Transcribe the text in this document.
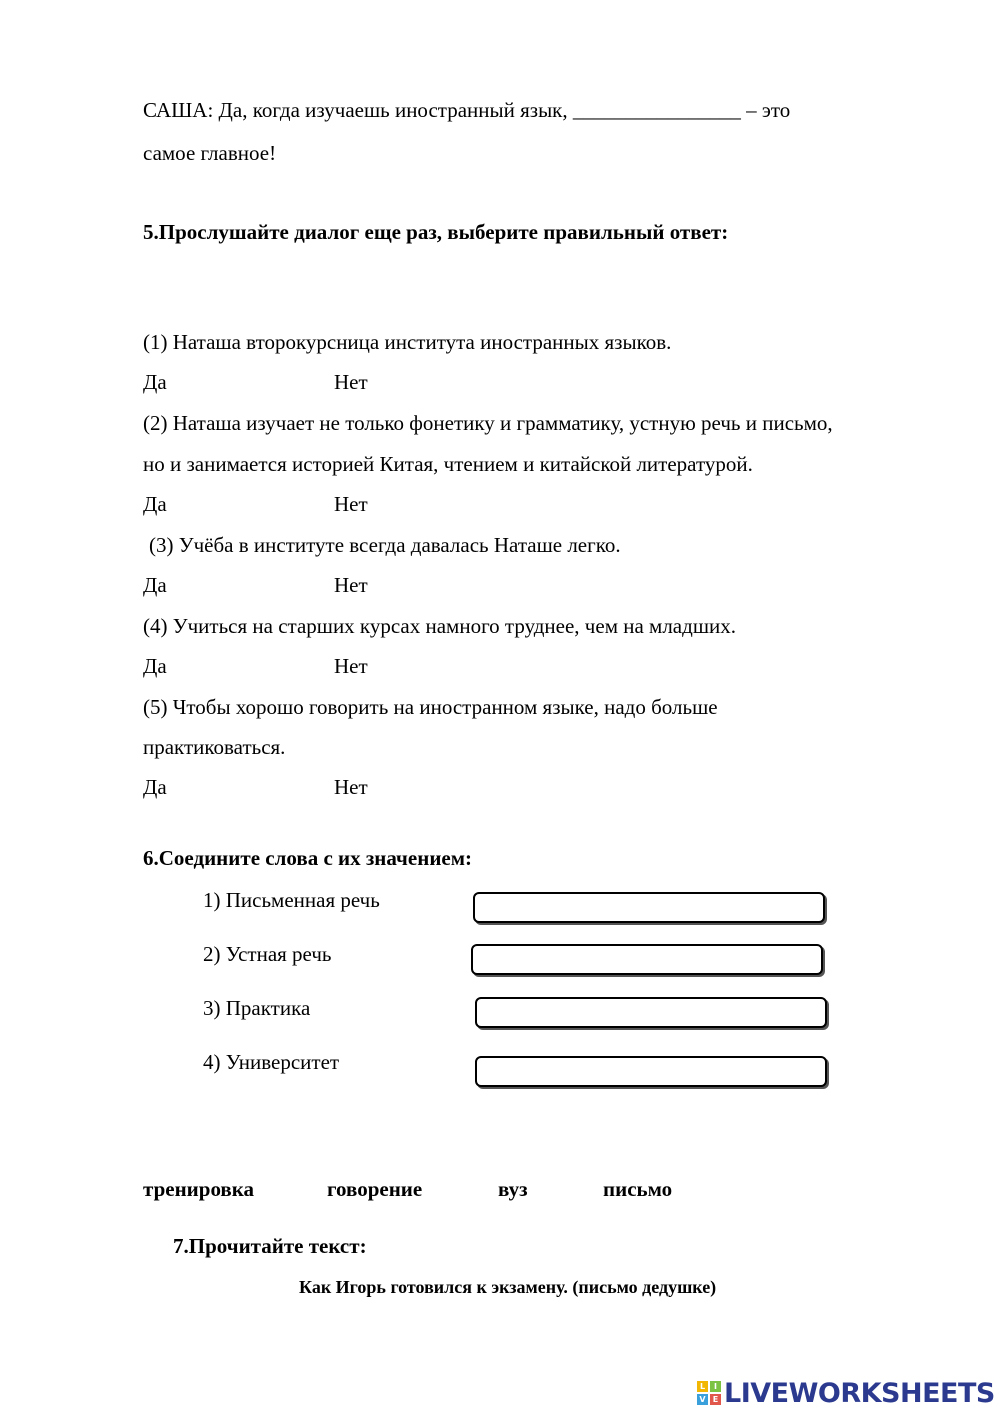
САША: Да, когда изучаешь иностранный язык, ________________ – это
самое главное!
5.Прослушайте диалог еще раз, выберите правильный ответ:
(1) Наташа второкурсница института иностранных языков.
Да	Нет
(2) Наташа изучает не только фонетику и грамматику, устную речь и письмо,
но и занимается историей Китая, чтением и китайской литературой.
Да	Нет
(3) Учёба в институте всегда давалась Наташе легко.
Да	Нет
(4) Учиться на старших курсах намного труднее, чем на младших.
Да	Нет
(5) Чтобы хорошо говорить на иностранном языке, надо больше
практиковаться.
Да	Нет
6.Соедините слова с их значением:
1) Письменная речь
2) Устная речь
3) Практика
4) Университет
тренировка	говорение	вуз	письмо
7.Прочитайте текст:
Как Игорь готовился к экзамену. (письмо дедушке)
L	I
V E LIVEWORKSHEETS
